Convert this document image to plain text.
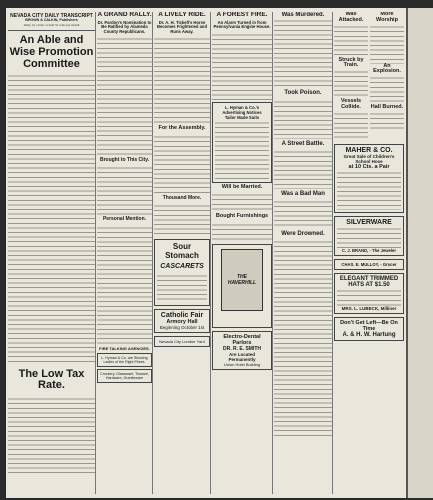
NEVADA CITY DAILY TRANSCRIPT
BROWN & CALKIN, Publishers
Daily, by carrier or mail 50 cents per month
An Able and Wise Promotion Committee
The Low Tax Rate.
A GRAND RALLY.
Dr. Pardon's Nomination to Be Ratified by Alameda County Republicans.
Brought to This City.
Personal Mention.
FIRE TALKING AGENCIES.
L. Hyman & Co. are Showing Ladies of the Right Prices.
Crockery, Glassware, Tinware, Hardware, Graniteware
A LIVELY RIDE.
Dr. A. H. Tickell's Horse Becomes Frightened and Runs Away.
For the Assembly.
Thousand More.
Sour Stomach
CASCARETS
Catholic Fair
Armory Hall
Beginning October 1st
Nevada City Lumber Yard
A FOREST FIRE.
An Alarm Turned in from Pennsylvania Engine House.
L. Hyman & Co.'s Advertising Notices
Tailor Made Suits
Will be Married.
Bought Furnishings
THE HAVERHILL
Electro-Dental Parlors
DR. R. E. SMITH
Are Located Permanently
Union Hotel Building
Was Murdered.
Took Poison.
A Street Battle.
Was a Bad Man
Were Drowned.
Was Attacked.
Struck by Train.
Vessels Collide.
More Worship
An Explosion.
Hall Burned.
MAHER & CO.
Great Sale of Children's School Hose
at 10 Cts. a Pair
SILVERWARE
C. J. BRAND, - The Jeweler
CHAS. E. MULLOY, - Grocer
ELEGANT TRIMMED HATS AT $1.50
MRS. L. LUBECK, Milliner
Don't Get Left—Be On Time
A. & H. W. Hartung
